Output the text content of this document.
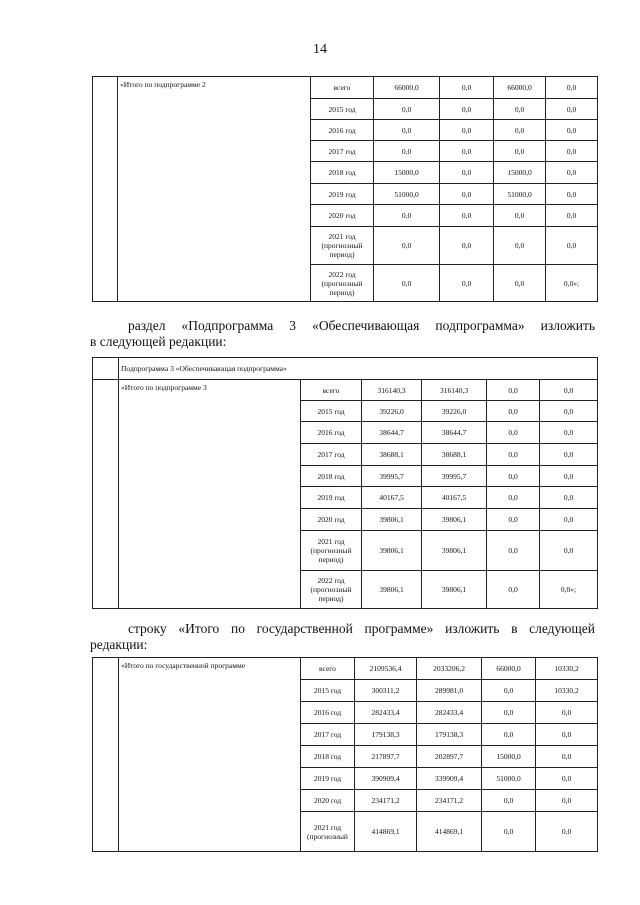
14
	«Итого по подпрограмме 2	всего	66000,0	0,0	66000,0	0,0
		2015 год	0,0	0,0	0,0	0,0
		2016 год	0,0	0,0	0,0	0,0
		2017 год	0,0	0,0	0,0	0,0
		2018 год	15000,0	0,0	15000,0	0,0
		2019 год	51000,0	0,0	51000,0	0,0
		2020 год	0,0	0,0	0,0	0,0
		2021 год (прогнозный период)	0,0	0,0	0,0	0,0
		2022 год (прогнозный период)	0,0	0,0	0,0	0,0»;
раздел «Подпрограмма 3 «Обеспечивающая подпрограмма» изложить
в следующей редакции:
	Подпрограмма 3 «Обеспечивающая подпрограмма»					
	«Итого по подпрограмме 3	всего	316140,3	316140,3	0,0	0,0
		2015 год	39226,0	39226,0	0,0	0,0
		2016 год	38644,7	38644,7	0,0	0,0
		2017 год	38688,1	38688,1	0,0	0,0
		2018 год	39995,7	39995,7	0,0	0,0
		2019 год	40167,5	40167,5	0,0	0,0
		2020 год	39806,1	39806,1	0,0	0,0
		2021 год (прогнозный период)	39806,1	39806,1	0,0	0,0
		2022 год (прогнозный период)	39806,1	39806,1	0,0	0,0»;
строку «Итого по государственной программе» изложить в следующей
редакции:
	«Итого по государственной программе	всего	2109536,4	2033206,2	66000,0	10330,2
		2015 год	300311,2	289981,0	0,0	10330,2
		2016 год	282433,4	282433,4	0,0	0,0
		2017 год	179138,3	179138,3	0,0	0,0
		2018 год	217897,7	202897,7	15000,0	0,0
		2019 год	390909,4	339909,4	51000,0	0,0
		2020 год	234171,2	234171,2	0,0	0,0
		2021 год (прогнозный	414869,1	414869,1	0,0	0,0
